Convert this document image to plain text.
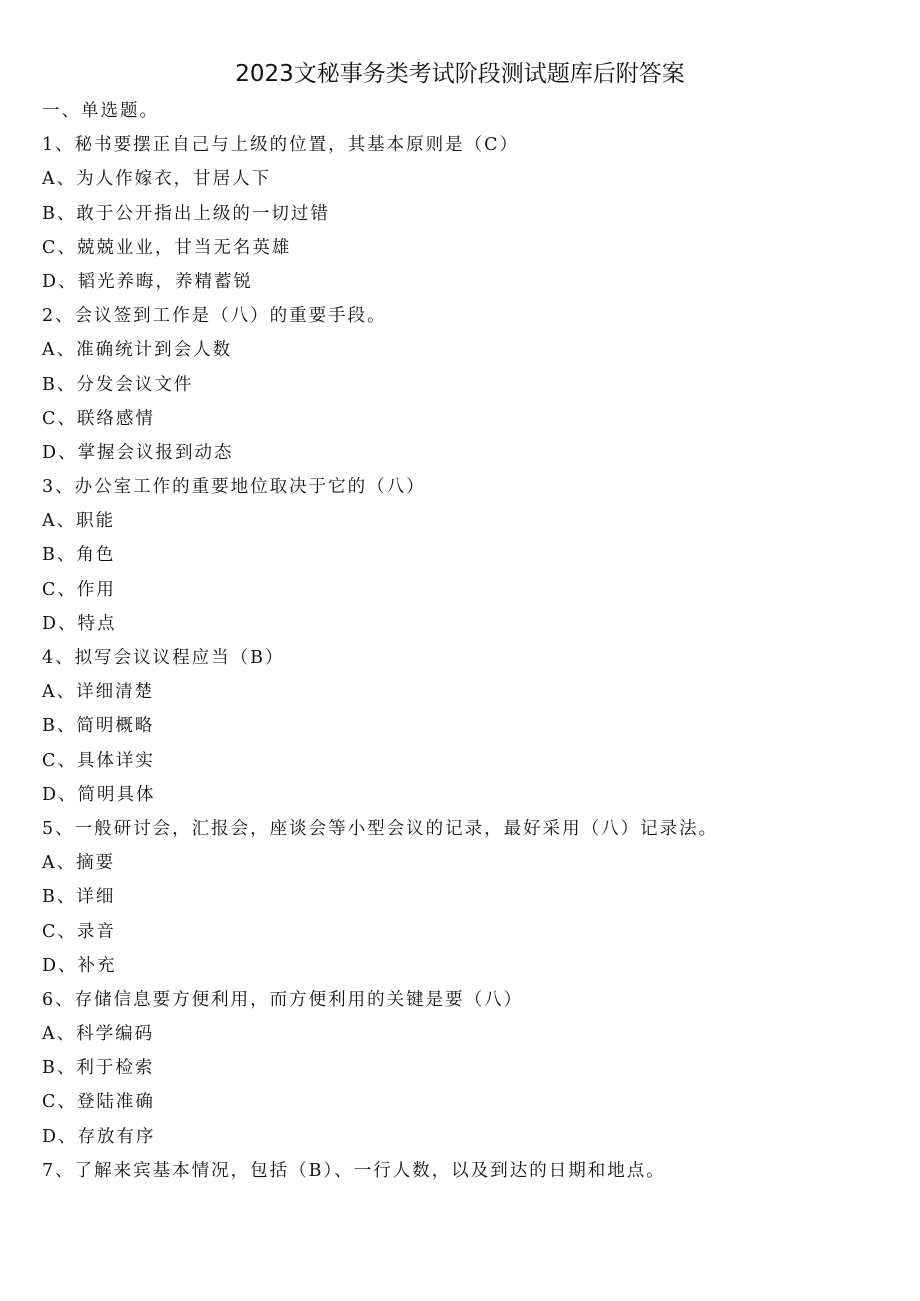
2023文秘事务类考试阶段测试题库后附答案
一、单选题。
1、秘书要摆正自己与上级的位置，其基本原则是（C）
A、为人作嫁衣，甘居人下
B、敢于公开指出上级的一切过错
C、兢兢业业，甘当无名英雄
D、韬光养晦，养精蓄锐
2、会议签到工作是（八）的重要手段。
A、准确统计到会人数
B、分发会议文件
C、联络感情
D、掌握会议报到动态
3、办公室工作的重要地位取决于它的（八）
A、职能
B、角色
C、作用
D、特点
4、拟写会议议程应当（B）
A、详细清楚
B、简明概略
C、具体详实
D、简明具体
5、一般研讨会，汇报会，座谈会等小型会议的记录，最好采用（八）记录法。
A、摘要
B、详细
C、录音
D、补充
6、存储信息要方便利用，而方便利用的关键是要（八）
A、科学编码
B、利于检索
C、登陆准确
D、存放有序
7、了解来宾基本情况，包括（B）、一行人数，以及到达的日期和地点。
